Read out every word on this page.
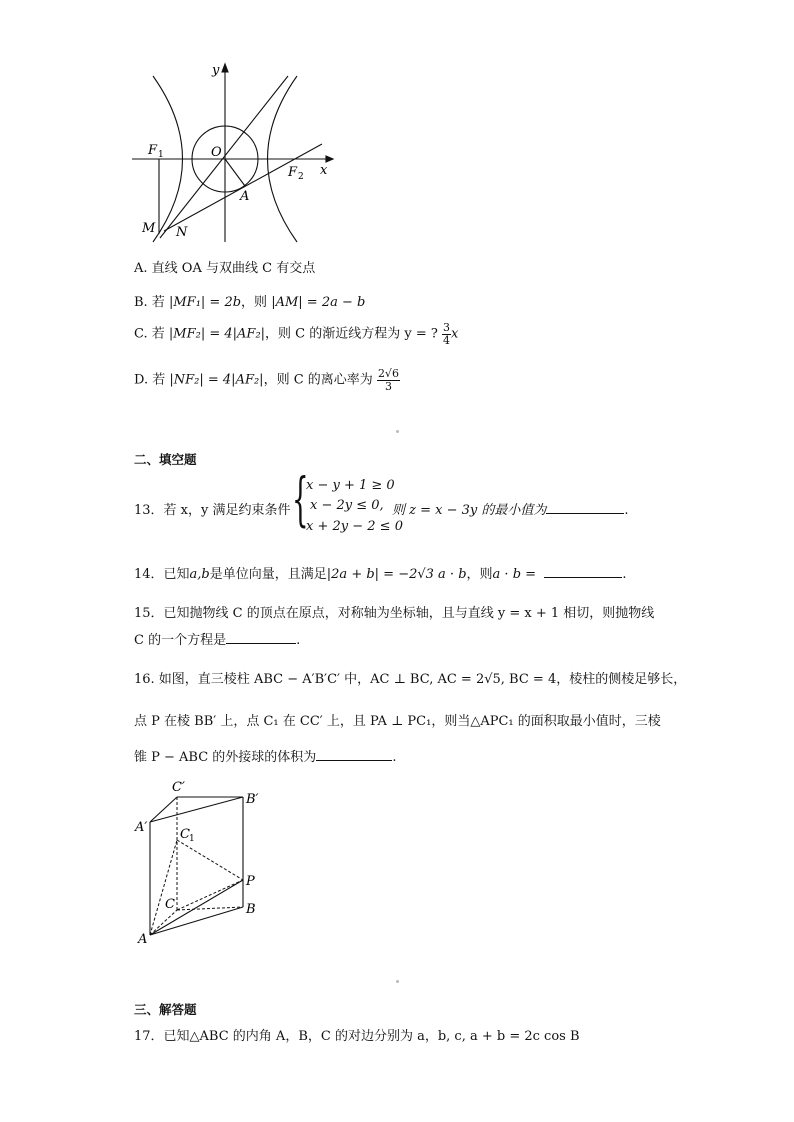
y
x
O
F 1
F 2
A
M N
A. 直线 OA 与双曲线 C 有交点
B. 若 |MF₁| = 2b，则 |AM| = 2a − b
C. 若 |MF₂| = 4|AF₂|，则 C 的渐近线方程为 y = ? $\frac{3}{4}$ x
D. 若 |NF₂| = 4|AF₂|，则 C 的离心率为 $\frac{2√6}{3}$
二、填空题
13．若 x，y 满足约束条件 {
x − y + 1 ≥ 0
x − 2y ≤ 0,
x + 2y − 2 ≤ 0
则 z = x − 3y 的最小值为	.
14．已知a,b是单位向量，且满足|2a + b| = −2√3 a · b，则a · b =	.
15．已知抛物线 C 的顶点在原点，对称轴为坐标轴，且与直线 y = x + 1 相切，则抛物线
C 的一个方程是	.
16. 如图，直三棱柱 ABC − A′B′C′ 中，AC ⊥ BC, AC = 2√5, BC = 4，棱柱的侧棱足够长，
点 P 在棱 BB′ 上，点 C₁ 在 CC′ 上，且 PA ⊥ PC₁，则当△APC₁ 的面积取最小值时，三棱
锥 P − ABC 的外接球的体积为	.
C′
B′
A′	C 1
P
C	B
A
三、解答题
17．已知△ABC 的内角 A，B，C 的对边分别为 a，b, c, a + b = 2c cos B
